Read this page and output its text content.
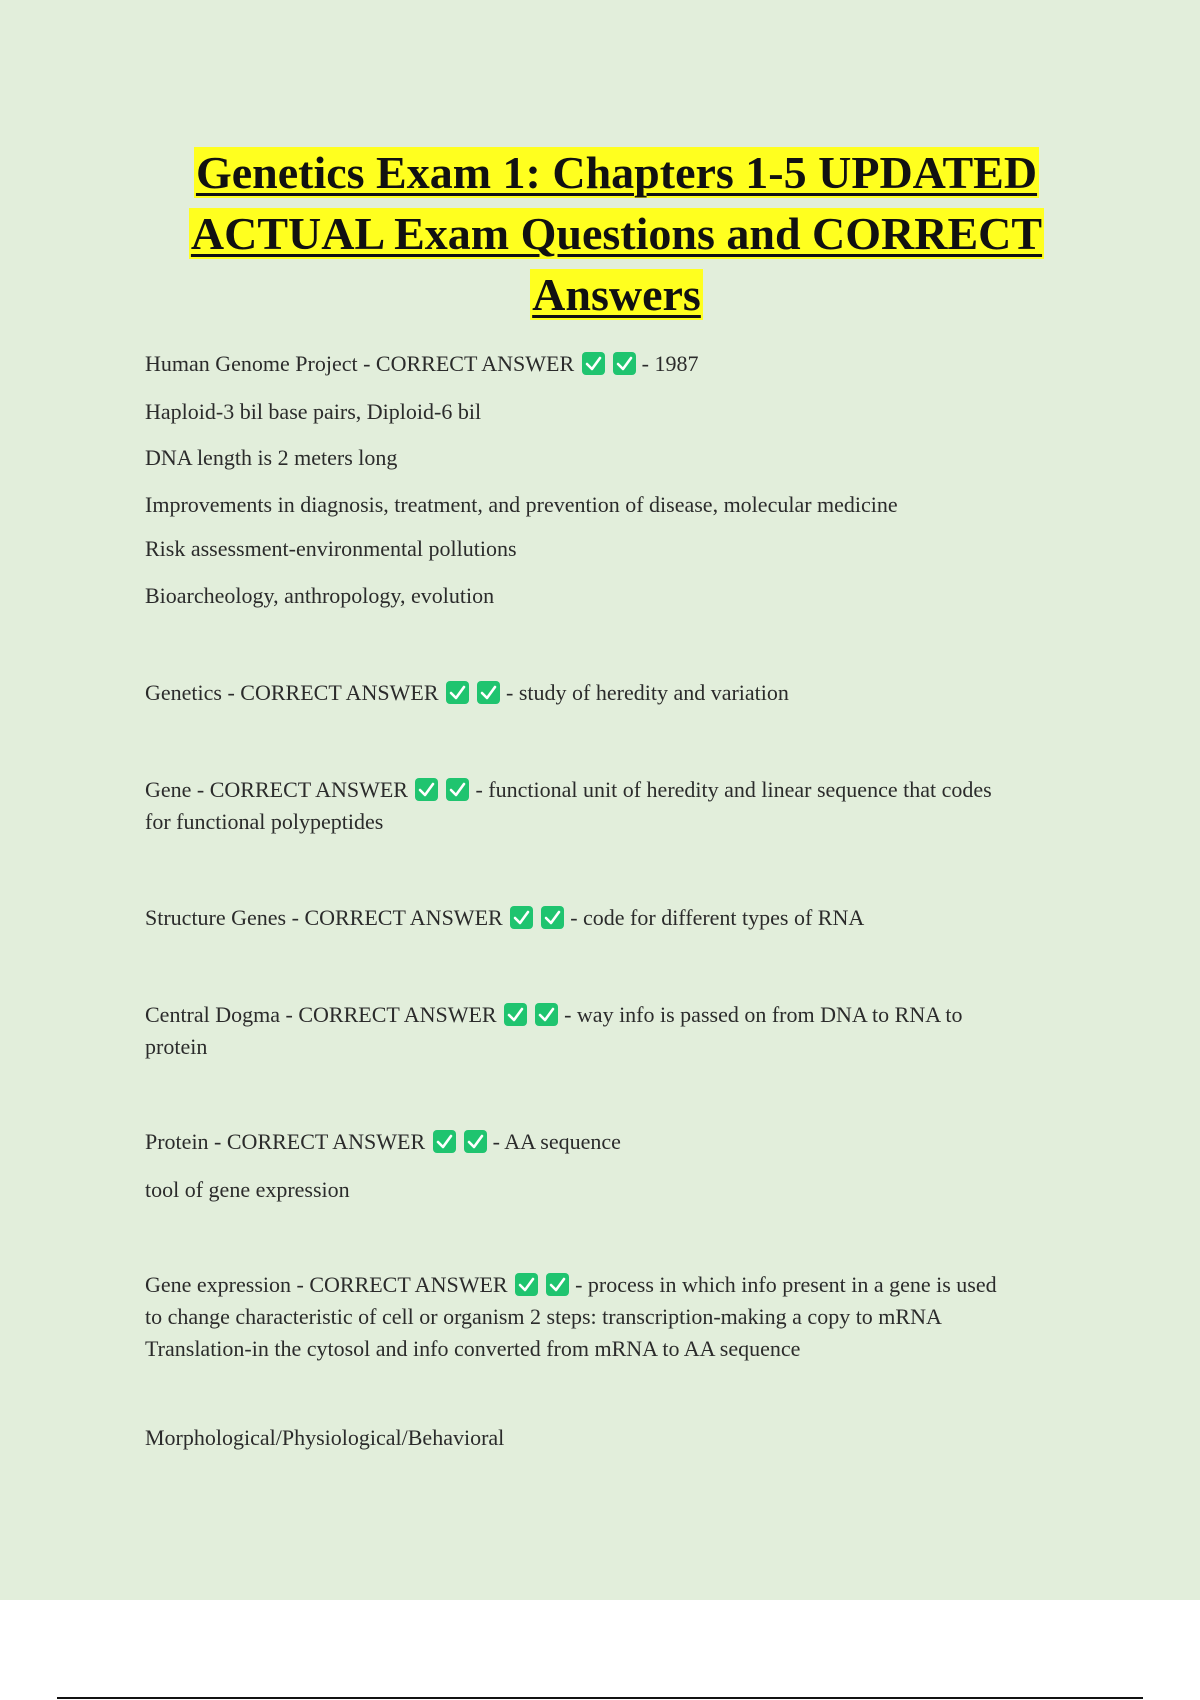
Genetics Exam 1: Chapters 1-5 UPDATED
ACTUAL Exam Questions and CORRECT
Answers
Human Genome Project - CORRECT ANSWER	- 1987
Haploid-3 bil base pairs, Diploid-6 bil
DNA length is 2 meters long
Improvements in diagnosis, treatment, and prevention of disease, molecular medicine
Risk assessment-environmental pollutions
Bioarcheology, anthropology, evolution
Genetics - CORRECT ANSWER	- study of heredity and variation
Gene - CORRECT ANSWER	- functional unit of heredity and linear sequence that codes
for functional polypeptides
Structure Genes - CORRECT ANSWER	- code for different types of RNA
Central Dogma - CORRECT ANSWER	- way info is passed on from DNA to RNA to
protein
Protein - CORRECT ANSWER	- AA sequence
tool of gene expression
Gene expression - CORRECT ANSWER	- process in which info present in a gene is used
to change characteristic of cell or organism 2 steps: transcription-making a copy to mRNA
Translation-in the cytosol and info converted from mRNA to AA sequence
Morphological/Physiological/Behavioral
